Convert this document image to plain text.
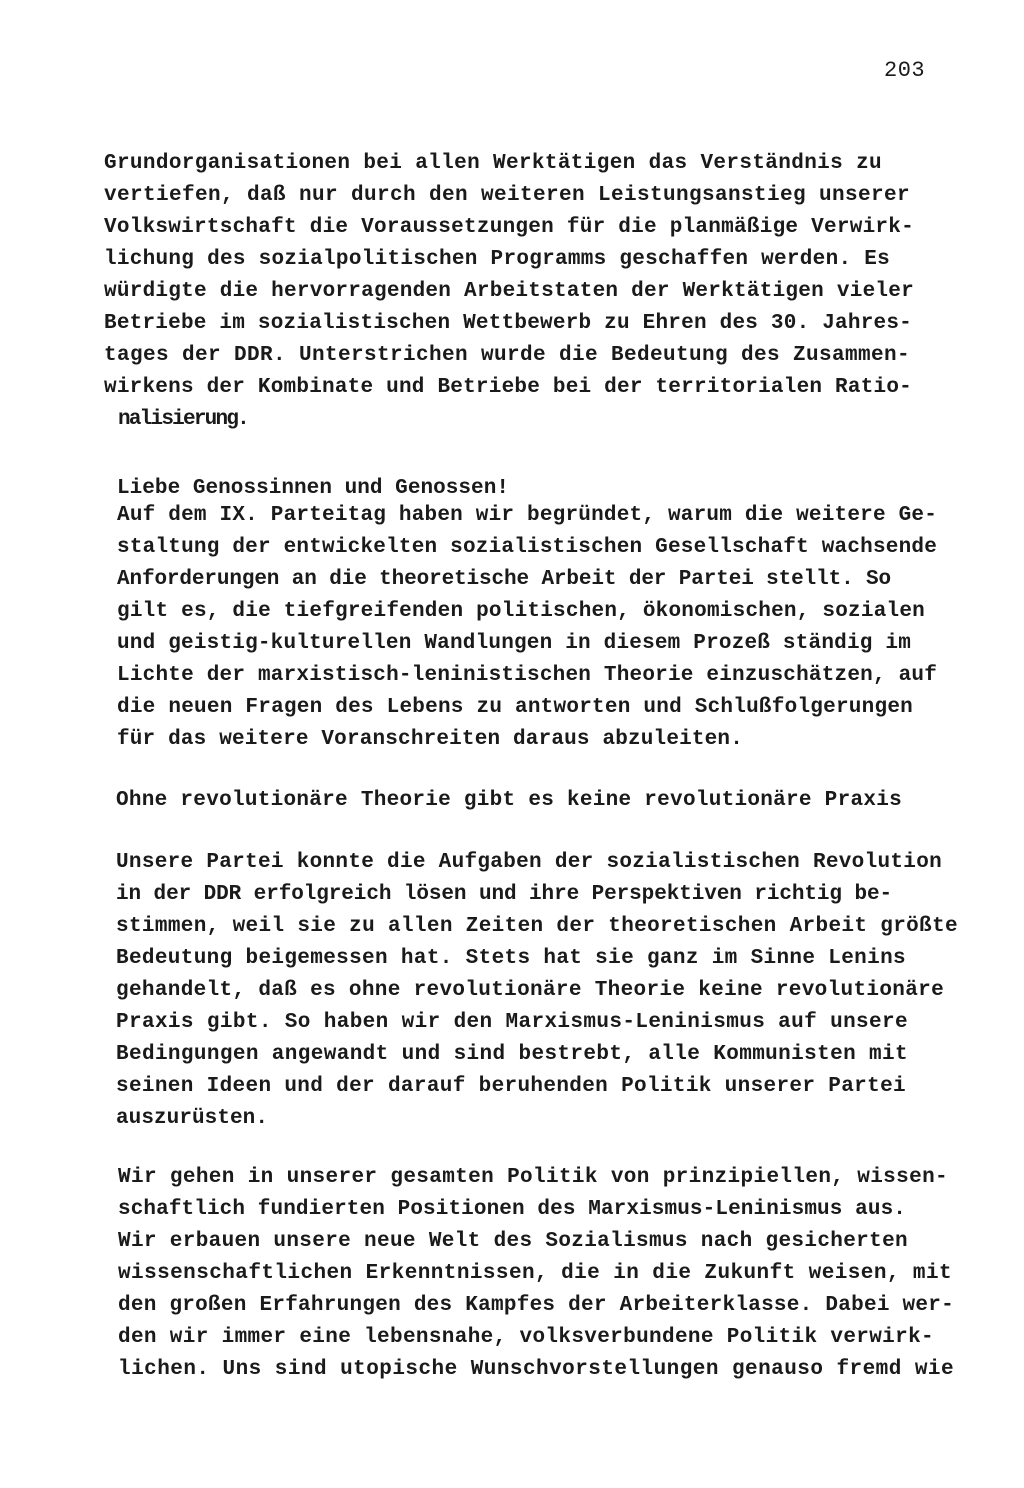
203
Grundorganisationen bei allen Werktätigen das Verständnis zu
vertiefen, daß nur durch den weiteren Leistungsanstieg unserer
Volkswirtschaft die Voraussetzungen für die planmäßige Verwirk-
lichung des sozialpolitischen Programms geschaffen werden. Es
würdigte die hervorragenden Arbeitstaten der Werktätigen vieler
Betriebe im sozialistischen Wettbewerb zu Ehren des 30. Jahres-
tages der DDR. Unterstrichen wurde die Bedeutung des Zusammen-
wirkens der Kombinate und Betriebe bei der territorialen Ratio-
nalisierung.
Liebe Genossinnen und Genossen!
Auf dem IX. Parteitag haben wir begründet, warum die weitere Ge-
staltung der entwickelten sozialistischen Gesellschaft wachsende
Anforderungen an die theoretische Arbeit der Partei stellt. So
gilt es, die tiefgreifenden politischen, ökonomischen, sozialen
und geistig-kulturellen Wandlungen in diesem Prozeß ständig im
Lichte der marxistisch-leninistischen Theorie einzuschätzen, auf
die neuen Fragen des Lebens zu antworten und Schlußfolgerungen
für das weitere Voranschreiten daraus abzuleiten.
Ohne revolutionäre Theorie gibt es keine revolutionäre Praxis
Unsere Partei konnte die Aufgaben der sozialistischen Revolution
in der DDR erfolgreich lösen und ihre Perspektiven richtig be-
stimmen, weil sie zu allen Zeiten der theoretischen Arbeit größte
Bedeutung beigemessen hat. Stets hat sie ganz im Sinne Lenins
gehandelt, daß es ohne revolutionäre Theorie keine revolutionäre
Praxis gibt. So haben wir den Marxismus-Leninismus auf unsere
Bedingungen angewandt und sind bestrebt, alle Kommunisten mit
seinen Ideen und der darauf beruhenden Politik unserer Partei
auszurüsten.
Wir gehen in unserer gesamten Politik von prinzipiellen, wissen-
schaftlich fundierten Positionen des Marxismus-Leninismus aus.
Wir erbauen unsere neue Welt des Sozialismus nach gesicherten
wissenschaftlichen Erkenntnissen, die in die Zukunft weisen, mit
den großen Erfahrungen des Kampfes der Arbeiterklasse. Dabei wer-
den wir immer eine lebensnahe, volksverbundene Politik verwirk-
lichen. Uns sind utopische Wunschvorstellungen genauso fremd wie
